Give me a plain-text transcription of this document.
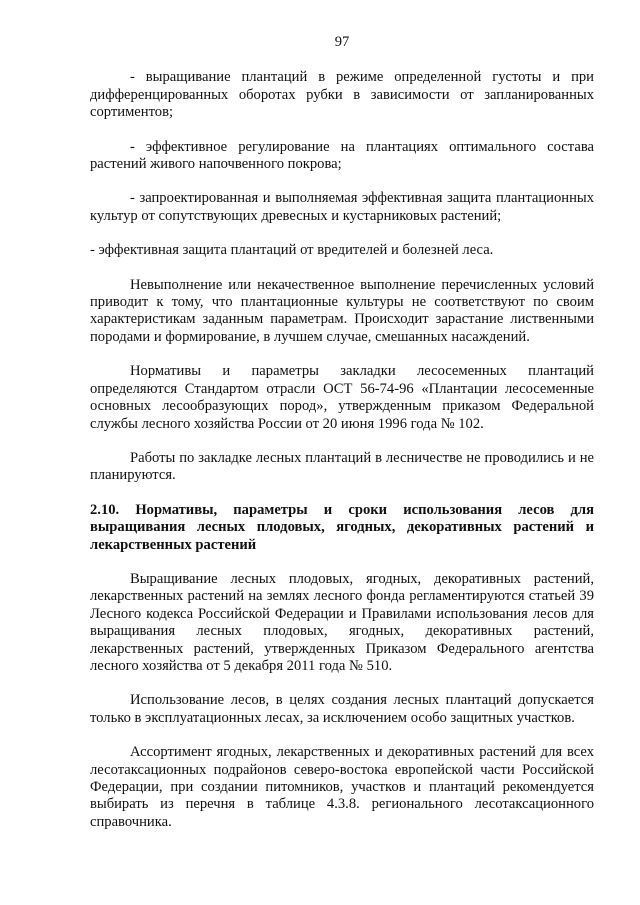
97

- выращивание плантаций в режиме определенной густоты и при дифференцированных оборотах рубки в зависимости от запланированных сортиментов;

- эффективное регулирование на плантациях оптимального состава растений живого напочвенного покрова;

- запроектированная и выполняемая эффективная защита плантационных культур от сопутствующих древесных и кустарниковых растений;

- эффективная защита плантаций от вредителей и болезней леса.

Невыполнение или некачественное выполнение перечисленных условий приводит к тому, что плантационные культуры не соответствуют по своим характеристикам заданным параметрам. Происходит зарастание лиственными породами и формирование, в лучшем случае, смешанных насаждений.

Нормативы и параметры закладки лесосеменных плантаций определяются Стандартом отрасли ОСТ 56-74-96 «Плантации лесосеменные основных лесообразующих пород», утвержденным приказом Федеральной службы лесного хозяйства России от 20 июня 1996 года № 102.

Работы по закладке лесных плантаций в лесничестве не проводились и не планируются.

2.10. Нормативы, параметры и сроки использования лесов для выращивания лесных плодовых, ягодных, декоративных растений и лекарственных растений

Выращивание лесных плодовых, ягодных, декоративных растений, лекарственных растений на землях лесного фонда регламентируются статьей 39 Лесного кодекса Российской Федерации и Правилами использования лесов для выращивания лесных плодовых, ягодных, декоративных растений, лекарственных растений, утвержденных Приказом Федерального агентства лесного хозяйства от 5 декабря 2011 года № 510.

Использование лесов, в целях создания лесных плантаций допускается только в эксплуатационных лесах, за исключением особо защитных участков.

Ассортимент ягодных, лекарственных и декоративных растений для всех лесотаксационных подрайонов северо-востока европейской части Российской Федерации, при создании питомников, участков и плантаций рекомендуется выбирать из перечня в таблице 4.3.8. регионального лесотаксационного справочника.
